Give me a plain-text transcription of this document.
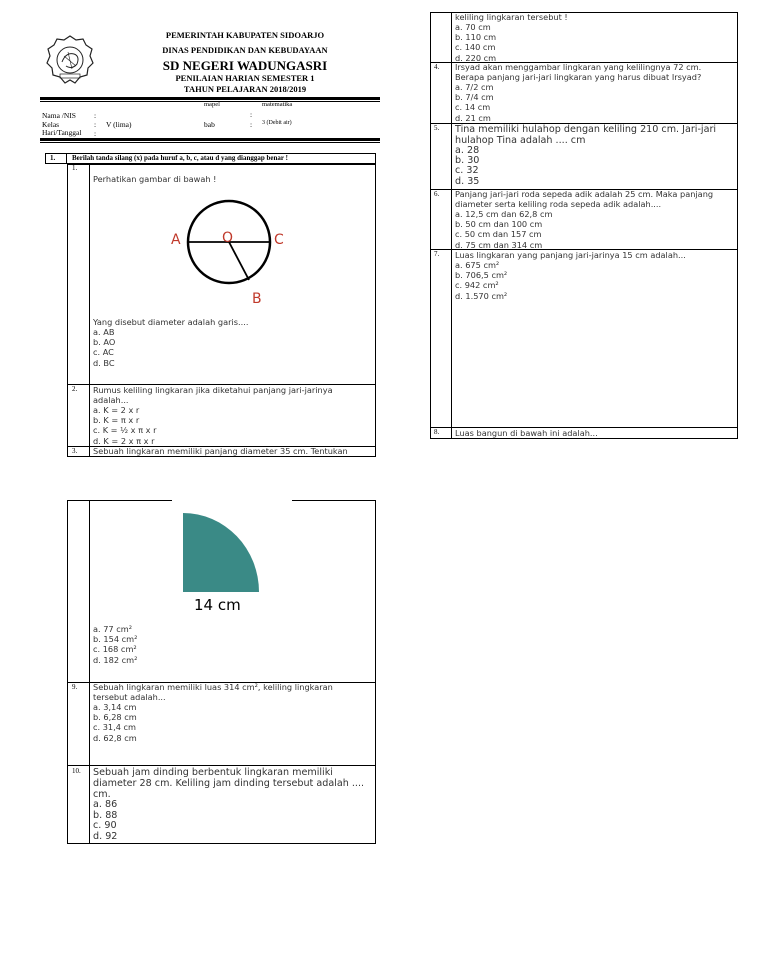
PEMERINTAH KABUPATEN SIDOARJO
DINAS PENDIDIKAN DAN KEBUDAYAAN
SD NEGERI WADUNGASRI
PENILAIAN HARIAN SEMESTER 1
TAHUN PELAJARAN 2018/2019
Nama /NIS :
Kelas	: V (lima)
Hari/Tanggal :
mapel
:
matematika
bab	: 3 (Debit air)
1. Berilah tanda silang (x) pada huruf a, b, c, atau d yang dianggap benar !
1.
Perhatikan gambar di bawah !
A	O	C
B
Yang disebut diameter adalah garis....
a. AB
b. AO
c. AC
d. BC
2. Rumus keliling lingkaran jika diketahui panjang jari-jarinya
adalah...
a. K = 2 x r
b. K = π x r
c. K = ½ x π x r
d. K = 2 x π x r
3. Sebuah lingkaran memiliki panjang diameter 35 cm. Tentukan
keliling lingkaran tersebut !
a. 70 cm
b. 110 cm
c. 140 cm
d. 220 cm
4. Irsyad akan menggambar lingkaran yang kelilingnya 72 cm.
Berapa panjang jari-jari lingkaran yang harus dibuat Irsyad?
a. 7/2 cm
b. 7/4 cm
c. 14 cm
d. 21 cm
5. Tina memiliki hulahop dengan keliling 210 cm. Jari-jari
hulahop Tina adalah .... cm
a. 28
b. 30
c. 32
d. 35
6. Panjang jari-jari roda sepeda adik adalah 25 cm. Maka panjang
diameter serta keliling roda sepeda adik adalah....
a. 12,5 cm dan 62,8 cm
b. 50 cm dan 100 cm
c. 50 cm dan 157 cm
d. 75 cm dan 314 cm
7. Luas lingkaran yang panjang jari-jarinya 15 cm adalah...
a. 675 cm²
b. 706,5 cm²
c. 942 cm²
d. 1.570 cm²
8. Luas bangun di bawah ini adalah...
14 cm
a. 77 cm²
b. 154 cm²
c. 168 cm²
d. 182 cm²
9. Sebuah lingkaran memiliki luas 314 cm², keliling lingkaran
tersebut adalah...
a. 3,14 cm
b. 6,28 cm
c. 31,4 cm
d. 62,8 cm
10. Sebuah jam dinding berbentuk lingkaran memiliki
diameter 28 cm. Keliling jam dinding tersebut adalah ....
cm.
a. 86
b. 88
c. 90
d. 92
